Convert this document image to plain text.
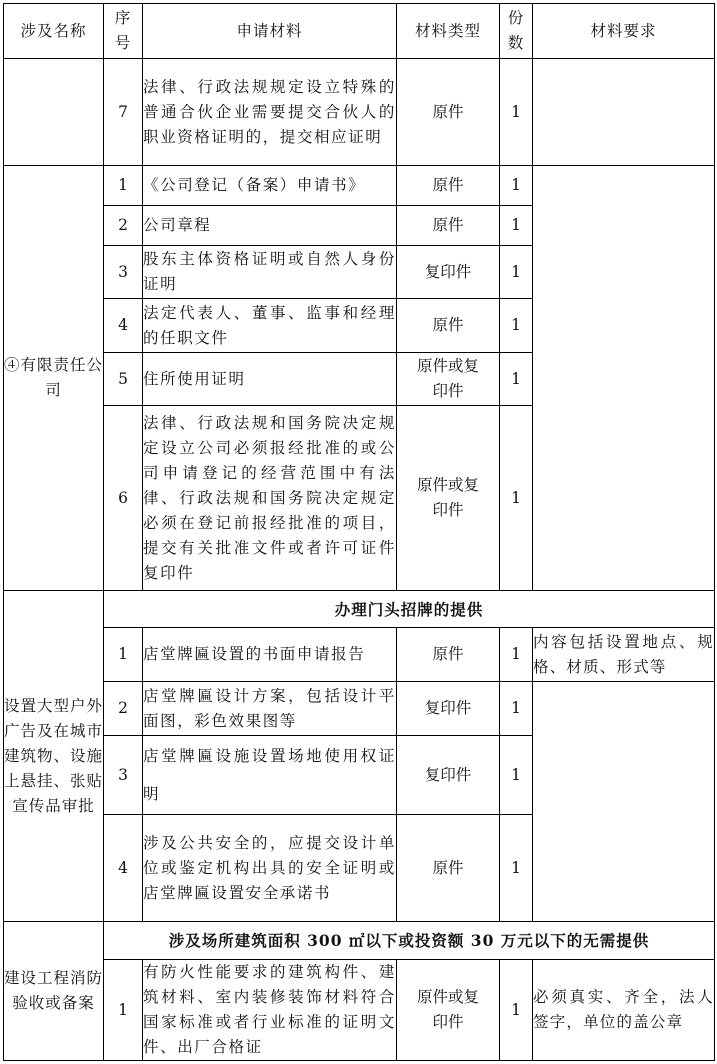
涉及名称	序号	申请材料	材料类型	份数	材料要求
	7	法律、行政法规规定设立特殊的普通合伙企业需要提交合伙人的职业资格证明的，提交相应证明	原件	1	
④有限责任公司	1	《公司登记（备案）申请书》	原件	1	
	2	公司章程	原件	1	
	3	股东主体资格证明或自然人身份证明	复印件	1	
	4	法定代表人、董事、监事和经理的任职文件	原件	1	
	5	住所使用证明	原件或复印件	1	
	6	法律、行政法规和国务院决定规定设立公司必须报经批准的或公司申请登记的经营范围中有法律、行政法规和国务院决定规定必须在登记前报经批准的项目，提交有关批准文件或者许可证件复印件	原件或复印件	1	
设置大型户外广告及在城市建筑物、设施上悬挂、张贴宣传品审批	办理门头招牌的提供				
	1	店堂牌匾设置的书面申请报告	原件	1	内容包括设置地点、规格、材质、形式等
	2	店堂牌匾设计方案，包括设计平面图，彩色效果图等	复印件	1	
	3	店堂牌匾设施设置场地使用权证明	复印件	1	
	4	涉及公共安全的，应提交设计单位或鉴定机构出具的安全证明或店堂牌匾设置安全承诺书	原件	1	
建设工程消防验收或备案	涉及场所建筑面积 300 ㎡以下或投资额 30 万元以下的无需提供				
	1	有防火性能要求的建筑构件、建筑材料、室内装修装饰材料符合国家标准或者行业标准的证明文件、出厂合格证	原件或复印件	1	必须真实、齐全，法人签字，单位的盖公章
